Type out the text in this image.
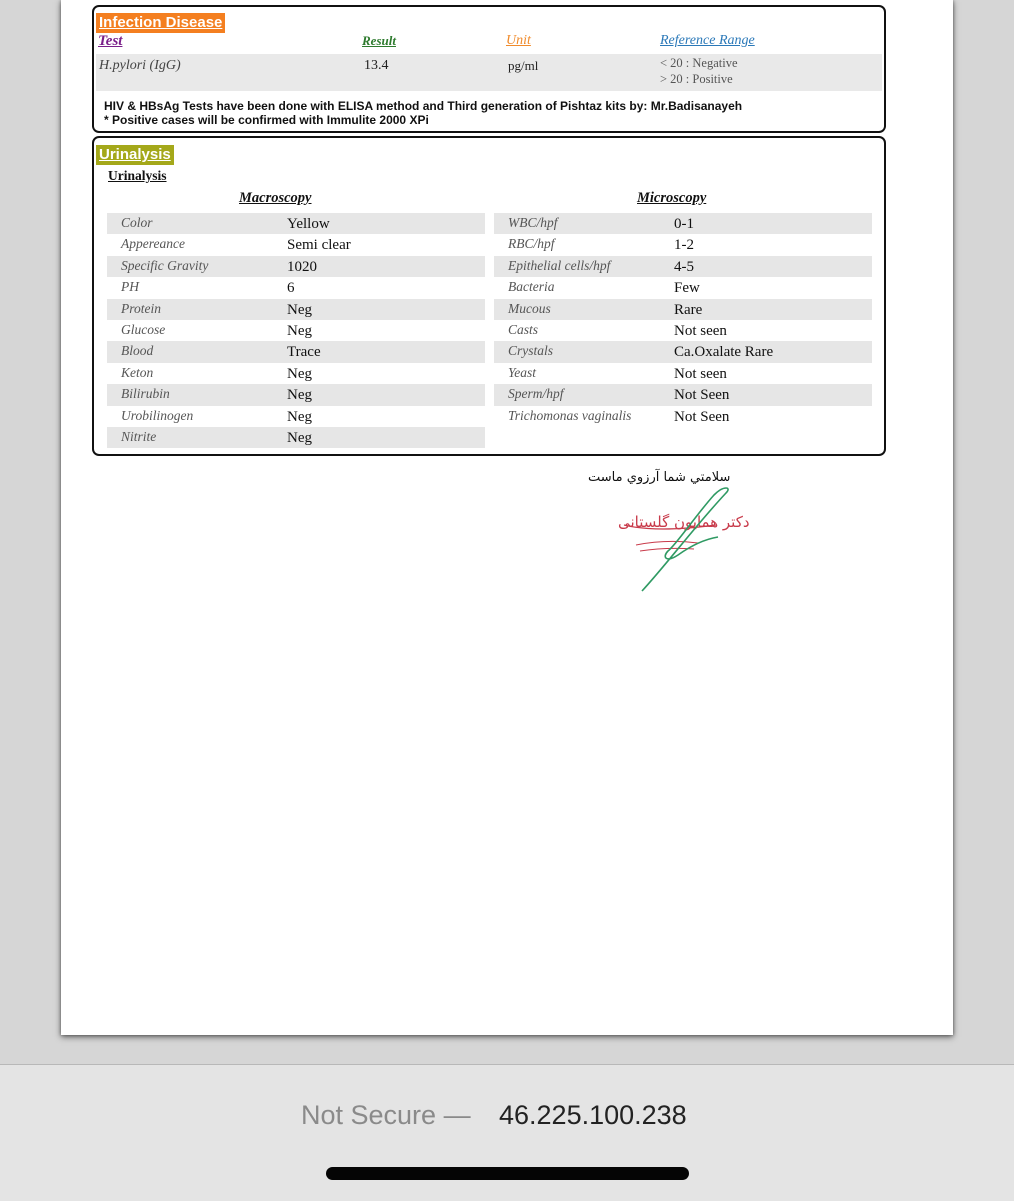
Infection Disease
Test	Result	Unit	Reference Range
H.pylori (IgG)	13.4	pg/ml	< 20 : Negative
> 20 : Positive
HIV & HBsAg Tests have been done with ELISA method and Third generation of Pishtaz kits by: Mr.Badisanayeh
* Positive cases will be confirmed with Immulite 2000 XPi
Urinalysis
Urinalysis
Macroscopy	Microscopy
Color	Yellow
Appereance	Semi clear
Specific Gravity	1020
PH	6
Protein	Neg
Glucose	Neg
Blood	Trace
Keton	Neg
Bilirubin	Neg
Urobilinogen	Neg
Nitrite	Neg
WBC/hpf	0-1
RBC/hpf	1-2
Epithelial cells/hpf	4-5
Bacteria	Few
Mucous	Rare
Casts	Not seen
Crystals	Ca.Oxalate Rare
Yeast	Not seen
Sperm/hpf	Not Seen
Trichomonas vaginalis	Not Seen
سلامتي شما آرزوي ماست
دکتر همایون گلستانی
Not Secure — 46.225.100.238
